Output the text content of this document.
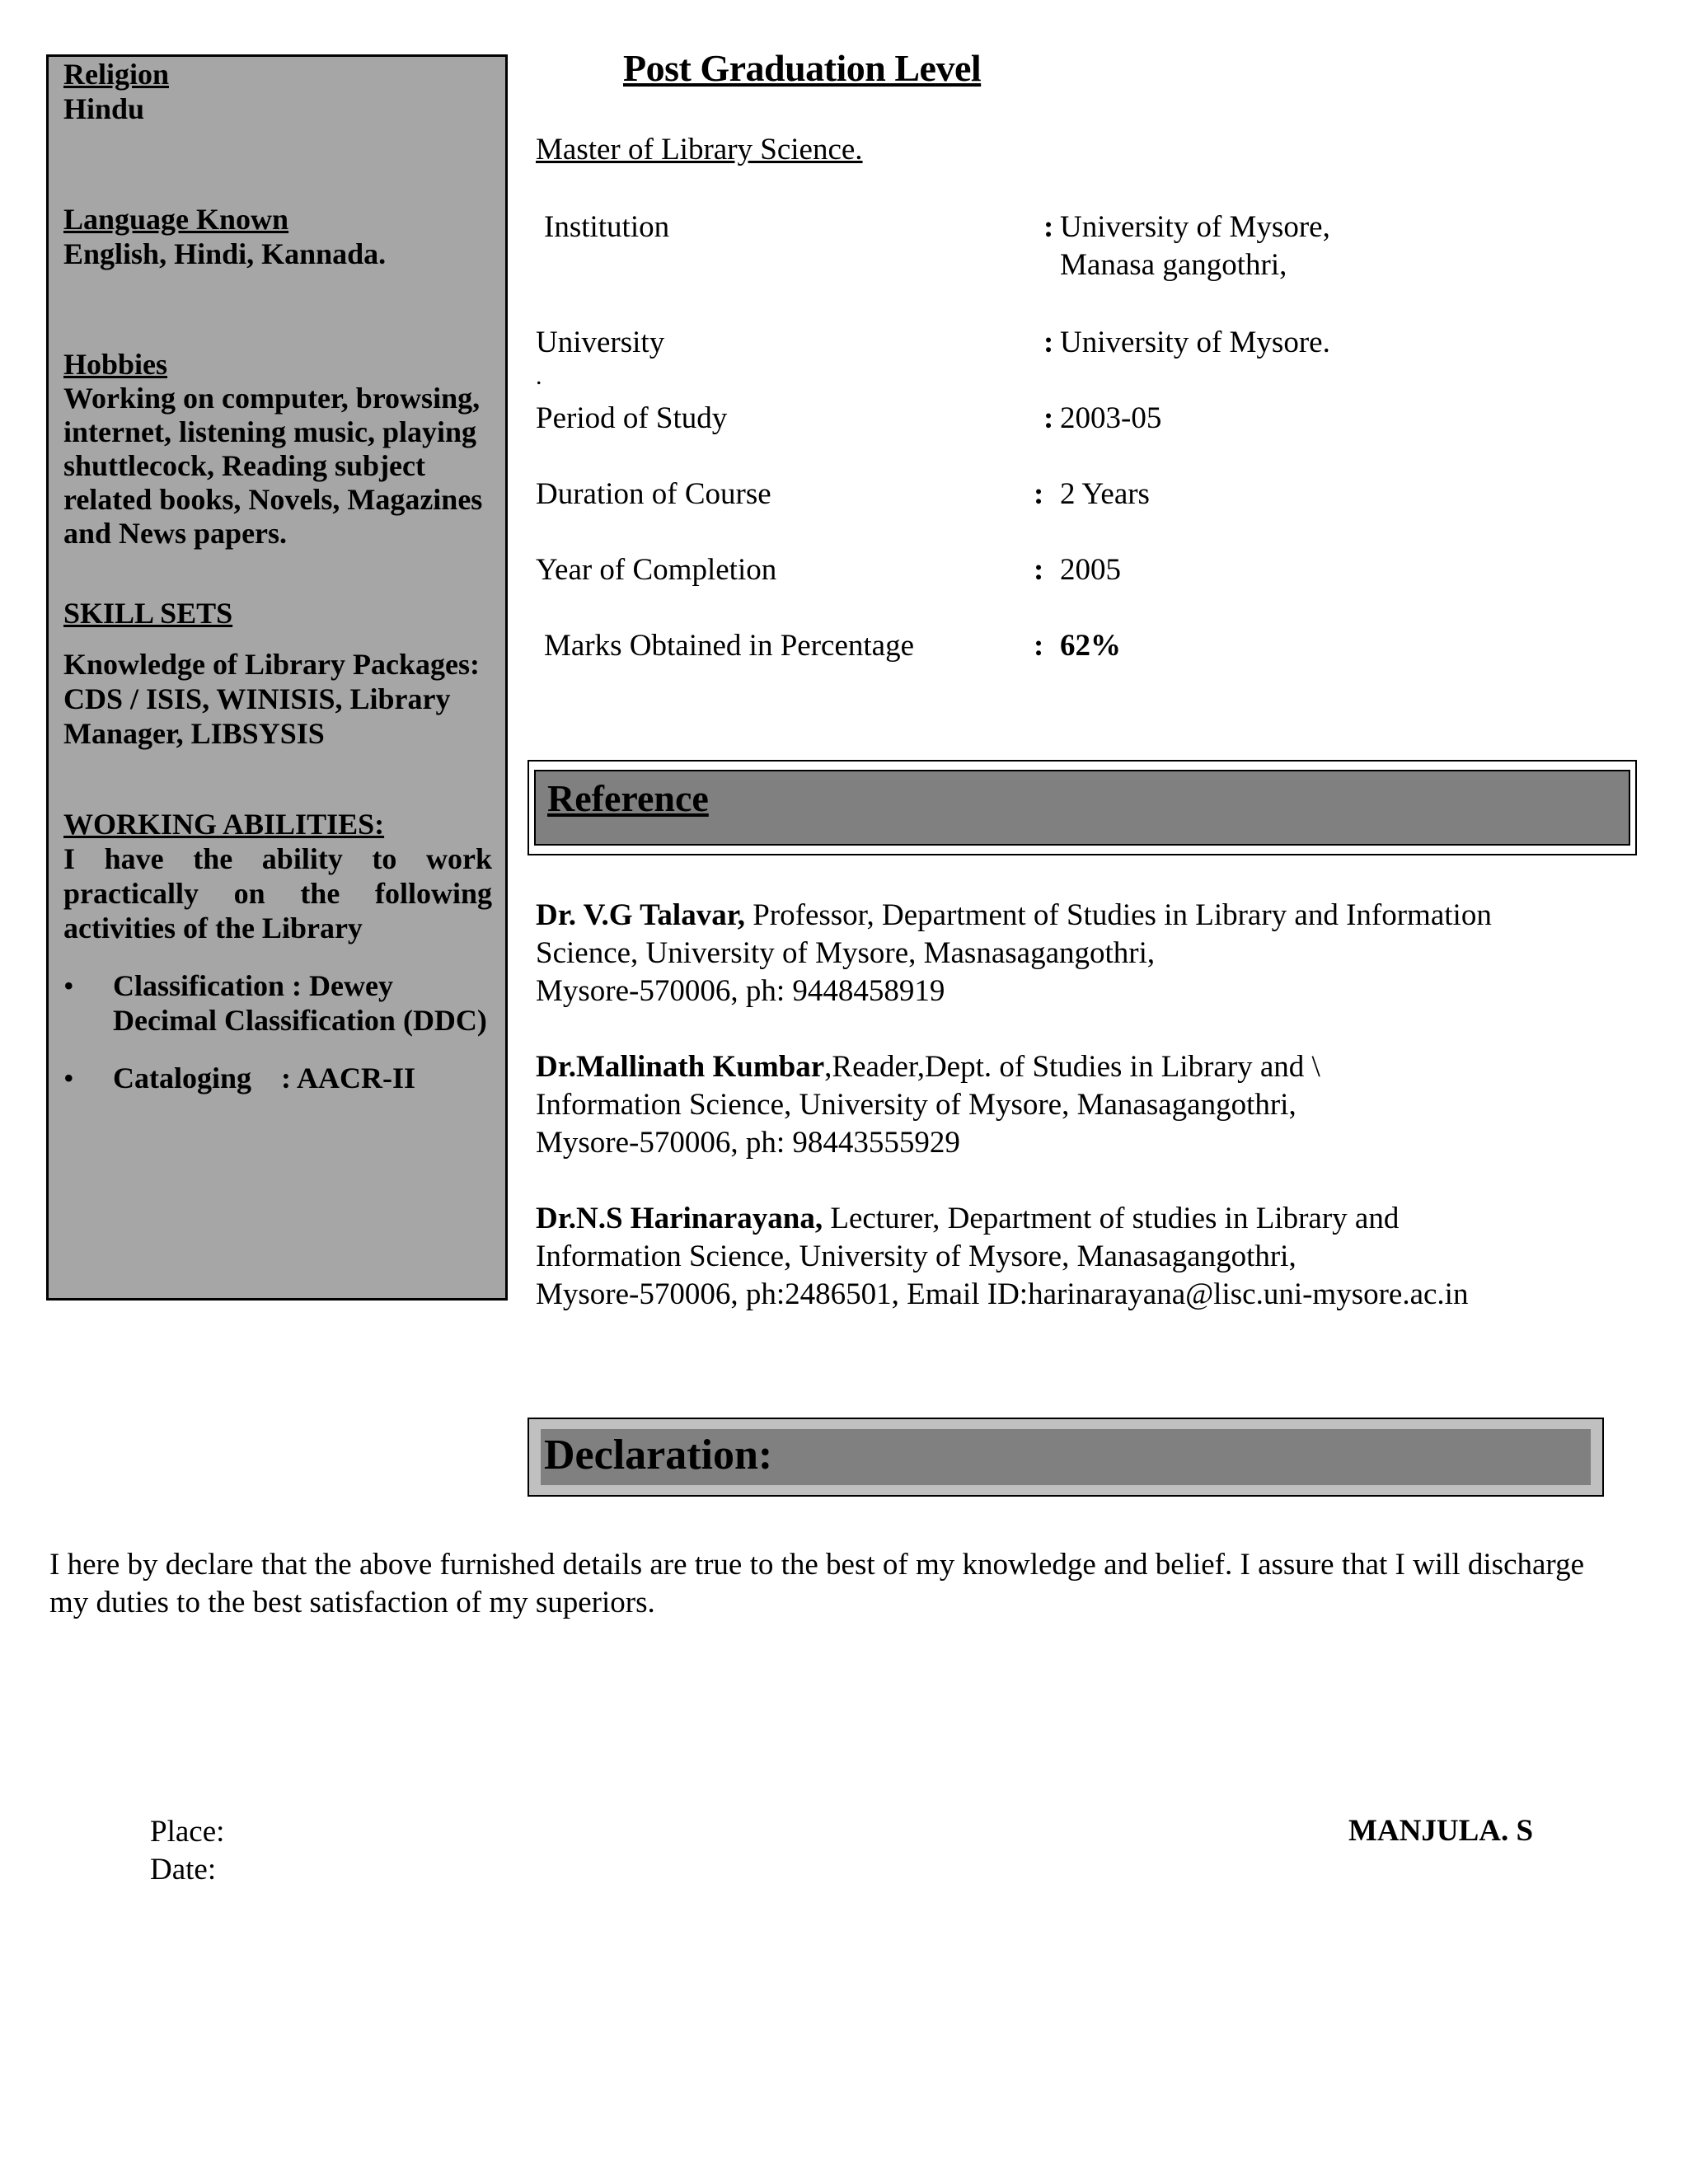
Religion
Hindu
Language Known
English, Hindi, Kannada.
Hobbies
Working on computer, browsing, internet, listening music, playing shuttlecock, Reading subject related books, Novels, Magazines and News papers.
SKILL SETS
Knowledge of Library Packages: CDS / ISIS, WINISIS, Library Manager, LIBSYSIS
WORKING ABILITIES:
I have the ability to work practically on the following activities of the Library
• Classification : Dewey Decimal Classification (DDC)
• Cataloging    : AACR-II
Post Graduation Level
Master of Library Science.
Institution	: University of Mysore,
Manasa gangothri,
University	: University of Mysore.
.
Period of Study	: 2003-05
Duration of Course	: 2 Years
Year of Completion	: 2005
Marks Obtained in Percentage	: 62%
Reference
Dr. V.G Talavar, Professor, Department of Studies in Library and Information
Science, University of Mysore, Masnasagangothri,
Mysore-570006, ph: 9448458919
Dr.Mallinath Kumbar,Reader,Dept. of Studies in Library and \
Information Science, University of Mysore, Manasagangothri,
Mysore-570006, ph: 98443555929
Dr.N.S Harinarayana, Lecturer, Department of studies in Library and
Information Science, University of Mysore, Manasagangothri,
Mysore-570006, ph:2486501, Email ID:harinarayana@lisc.uni-mysore.ac.in
Declaration:
I here by declare that the above furnished details are true to the best of my knowledge and belief. I assure that I will discharge my duties to the best satisfaction of my superiors.
Place:
Date:
MANJULA. S
